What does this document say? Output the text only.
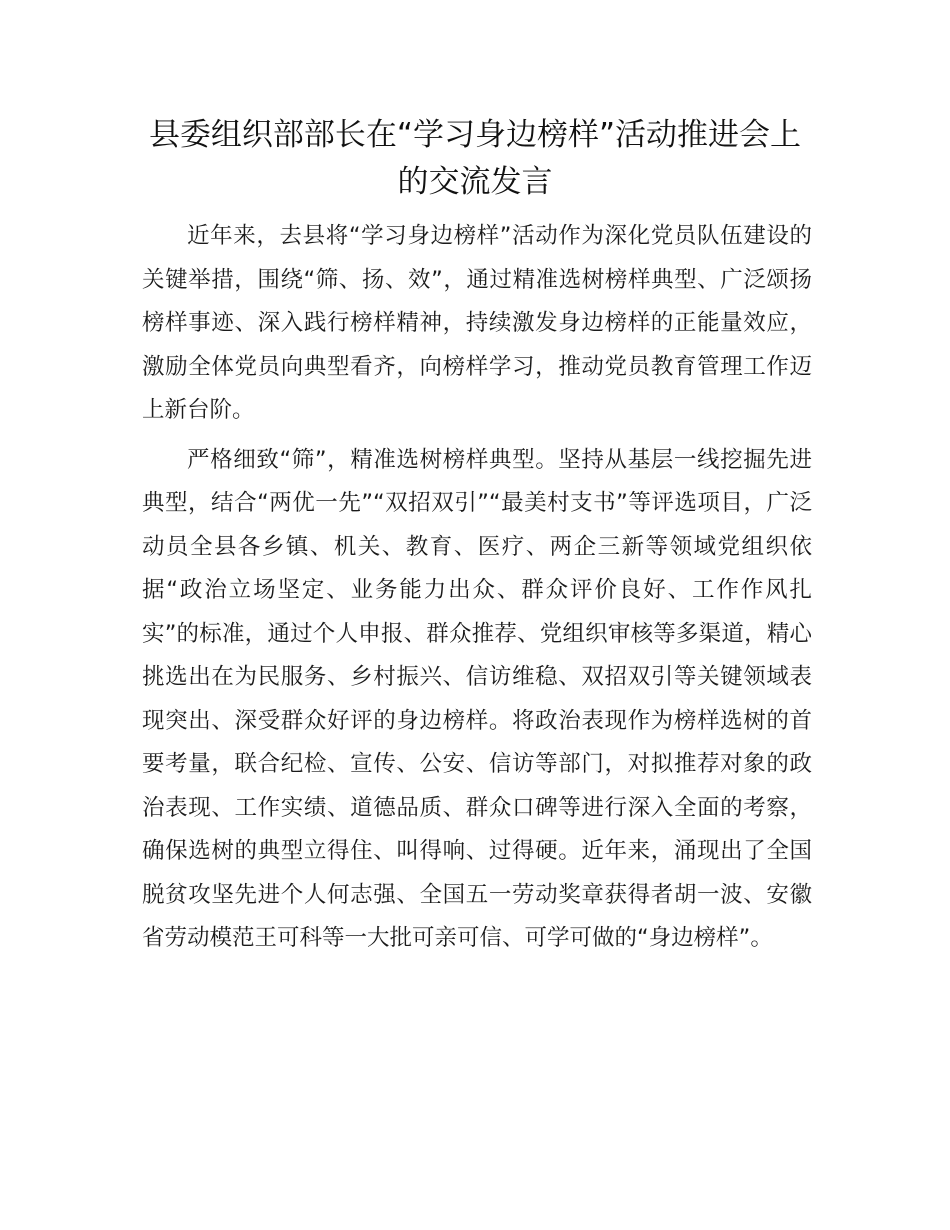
县委组织部部长在“学习身边榜样”活动推进会上的交流发言

近年来，去县将“学习身边榜样”活动作为深化党员队伍建设的关键举措，围绕“筛、扬、效”，通过精准选树榜样典型、广泛颂扬榜样事迹、深入践行榜样精神，持续激发身边榜样的正能量效应，激励全体党员向典型看齐，向榜样学习，推动党员教育管理工作迈上新台阶。

严格细致“筛”，精准选树榜样典型。坚持从基层一线挖掘先进典型，结合“两优一先”“双招双引”“最美村支书”等评选项目，广泛动员全县各乡镇、机关、教育、医疗、两企三新等领域党组织依据“政治立场坚定、业务能力出众、群众评价良好、工作作风扎实”的标准，通过个人申报、群众推荐、党组织审核等多渠道，精心挑选出在为民服务、乡村振兴、信访维稳、双招双引等关键领域表现突出、深受群众好评的身边榜样。将政治表现作为榜样选树的首要考量，联合纪检、宣传、公安、信访等部门，对拟推荐对象的政治表现、工作实绩、道德品质、群众口碑等进行深入全面的考察，确保选树的典型立得住、叫得响、过得硬。近年来，涌现出了全国脱贫攻坚先进个人何志强、全国五一劳动奖章获得者胡一波、安徽省劳动模范王可科等一大批可亲可信、可学可做的“身边榜样”。
